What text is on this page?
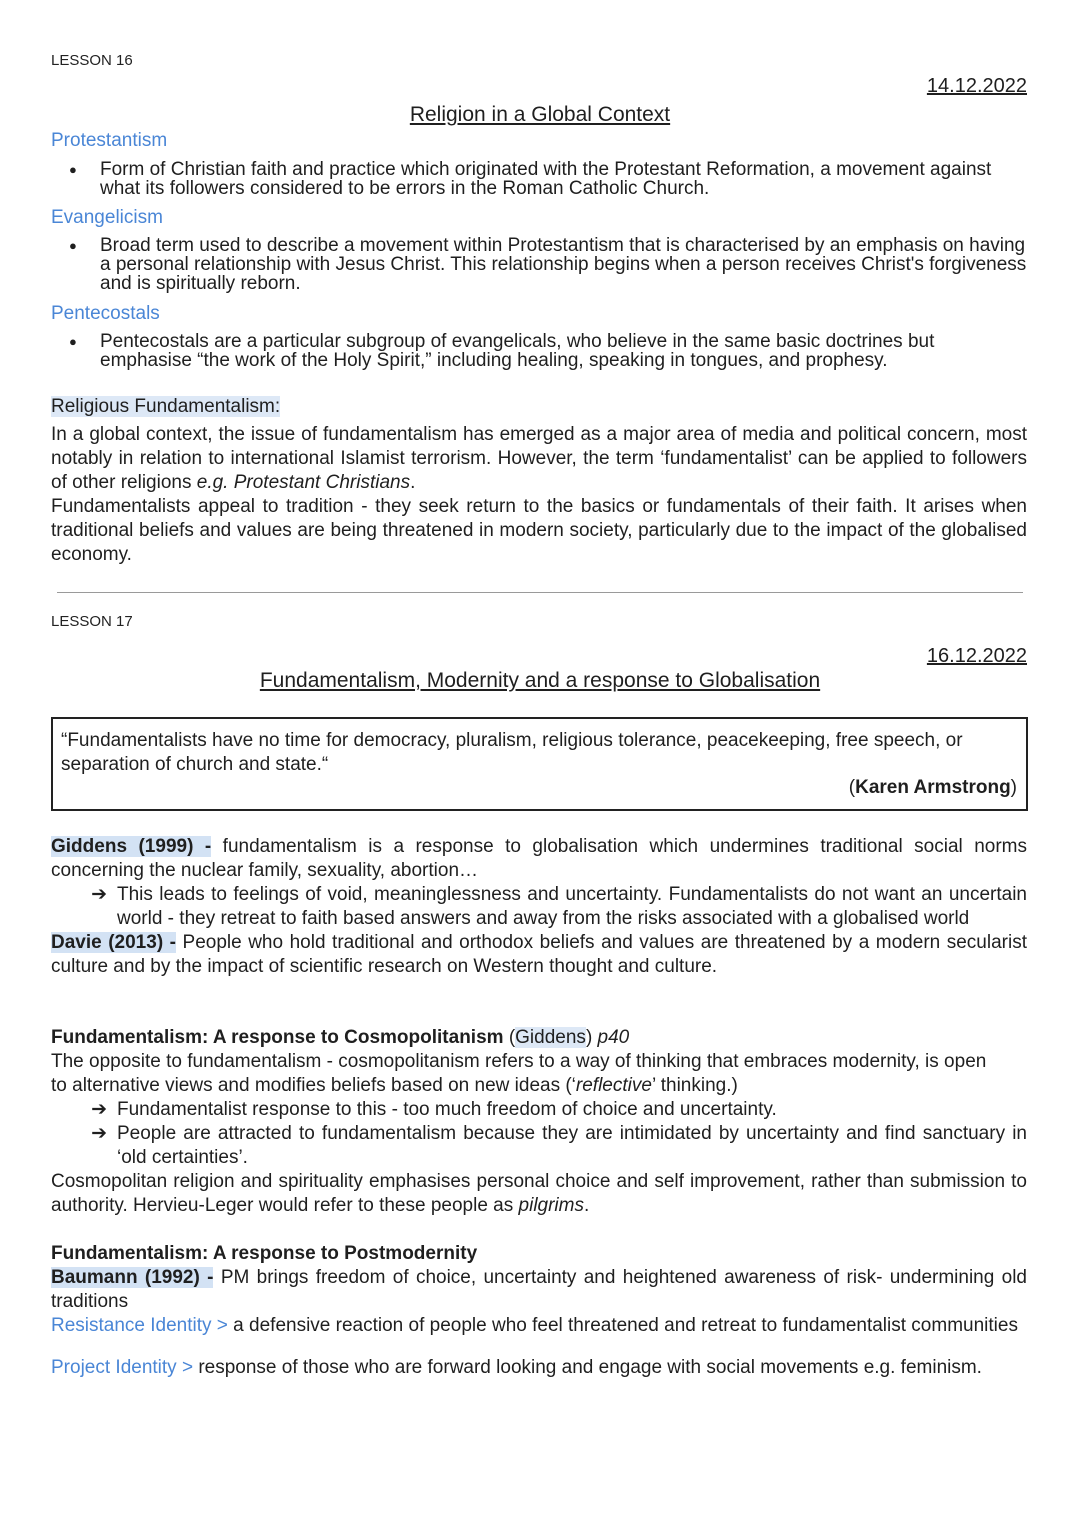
LESSON 16
14.12.2022
Religion in a Global Context
Protestantism
●	Form of Christian faith and practice which originated with the Protestant Reformation, a movement against what its followers considered to be errors in the Roman Catholic Church.
Evangelicism
●	Broad term used to describe a movement within Protestantism that is characterised by an emphasis on having a personal relationship with Jesus Christ. This relationship begins when a person receives Christ's forgiveness and is spiritually reborn.
Pentecostals
●	Pentecostals are a particular subgroup of evangelicals, who believe in the same basic doctrines but emphasise “the work of the Holy Spirit,” including healing, speaking in tongues, and prophesy.
Religious Fundamentalism:
In a global context, the issue of fundamentalism has emerged as a major area of media and political concern, most notably in relation to international Islamist terrorism. However, the term ‘fundamentalist’ can be applied to followers of other religions e.g. Protestant Christians.
Fundamentalists appeal to tradition - they seek return to the basics or fundamentals of their faith. It arises when traditional beliefs and values are being threatened in modern society, particularly due to the impact of the globalised economy.
LESSON 17
16.12.2022
Fundamentalism, Modernity and a response to Globalisation
“Fundamentalists have no time for democracy, pluralism, religious tolerance, peacekeeping, free speech, or separation of church and state.“
(Karen Armstrong)
Giddens (1999) - fundamentalism is a response to globalisation which undermines traditional social norms concerning the nuclear family, sexuality, abortion…
➔ This leads to feelings of void, meaninglessness and uncertainty. Fundamentalists do not want an uncertain world - they retreat to faith based answers and away from the risks associated with a globalised world
Davie (2013) - People who hold traditional and orthodox beliefs and values are threatened by a modern secularist culture and by the impact of scientific research on Western thought and culture.
Fundamentalism: A response to Cosmopolitanism (Giddens) p40
The opposite to fundamentalism - cosmopolitanism refers to a way of thinking that embraces modernity, is open to alternative views and modifies beliefs based on new ideas (‘reflective’ thinking.)
➔ Fundamentalist response to this - too much freedom of choice and uncertainty.
➔ People are attracted to fundamentalism because they are intimidated by uncertainty and find sanctuary in ‘old certainties’.
Cosmopolitan religion and spirituality emphasises personal choice and self improvement, rather than submission to authority. Hervieu-Leger would refer to these people as pilgrims.
Fundamentalism: A response to Postmodernity
Baumann (1992) - PM brings freedom of choice, uncertainty and heightened awareness of risk- undermining old traditions
Resistance Identity > a defensive reaction of people who feel threatened and retreat to fundamentalist communities
Project Identity > response of those who are forward looking and engage with social movements e.g. feminism.
